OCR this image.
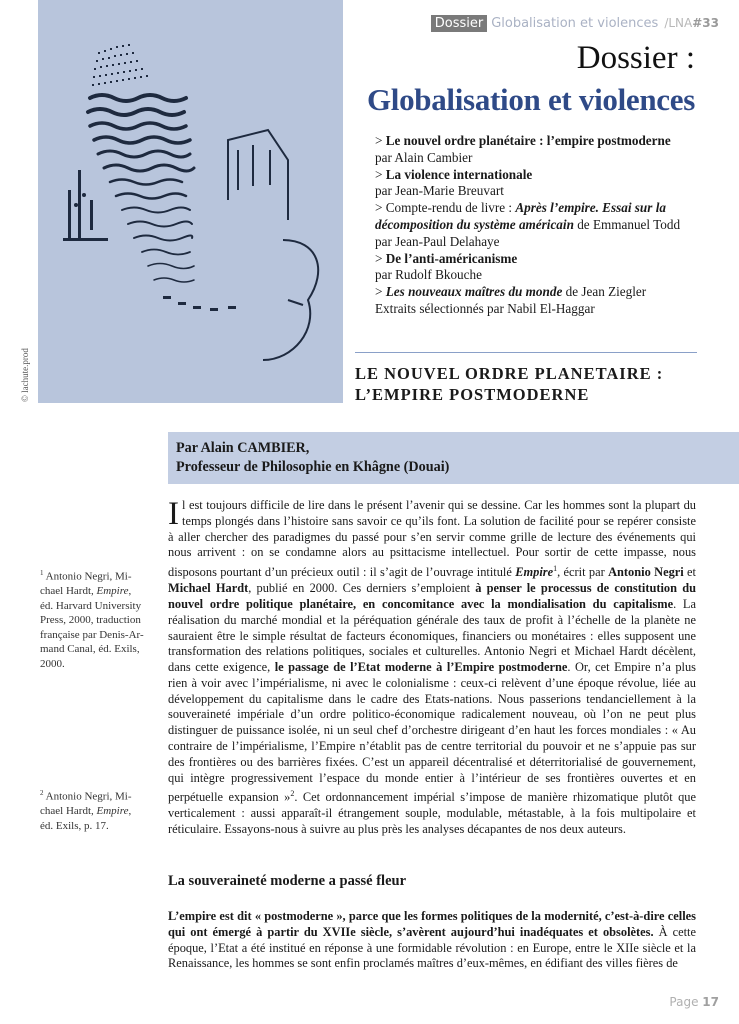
Dossier Globalisation et violences /LNA#33
© lachute.prod
Dossier :
Globalisation et violences
> Le nouvel ordre planétaire : l’empire postmoderne
par Alain Cambier
> La violence internationale
par Jean-Marie Breuvart
> Compte-rendu de livre : Après l’empire. Essai sur la
décomposition du système américain de Emmanuel Todd
par Jean-Paul Delahaye
> De l’anti-américanisme
par Rudolf Bkouche
> Les nouveaux maîtres du monde de Jean Ziegler
Extraits sélectionnés par Nabil El-Haggar
LE NOUVEL ORDRE PLANETAIRE :
L’EMPIRE POSTMODERNE
Par Alain CAMBIER,
Professeur de Philosophie en Khâgne (Douai)
$^1$ Antonio Negri, Mi-
chael Hardt, Empire,
éd. Harvard University
Press, 2000, traduction
française par Denis-Ar-
mand Canal, éd. Exils,
2000.
$^2$ Antonio Negri, Mi-
chael Hardt, Empire,
éd. Exils, p. 17.

Il est toujours difficile de lire dans le présent l’avenir qui se dessine. Car les hommes sont la plupart du temps plongés dans l’histoire sans savoir ce qu’ils font. La solution de facilité pour se repérer consiste à aller chercher des paradigmes du passé pour s’en servir comme grille de lecture des événements qui nous arrivent : on se condamne alors au psittacisme intellectuel. Pour sortir de cette impasse, nous disposons pourtant d’un précieux outil : il s’agit de l’ouvrage intitulé Empire$^1$, écrit par Antonio Negri et Michael Hardt, publié en 2000. Ces derniers s’emploient à penser le processus de constitution du nouvel ordre politique planétaire, en concomitance avec la mondialisation du capitalisme. La réalisation du marché mondial et la péréquation générale des taux de profit à l’échelle de la planète ne sauraient être le simple résultat de facteurs économiques, financiers ou monétaires : elles supposent une transformation des relations politiques, sociales et culturelles. Antonio Negri et Michael Hardt décèlent, dans cette exigence, le passage de l’Etat moderne à l’Empire postmoderne. Or, cet Empire n’a plus rien à voir avec l’impérialisme, ni avec le colonialisme : ceux-ci relèvent d’une époque révolue, liée au développement du capitalisme dans le cadre des Etats-nations. Nous passerions tendanciellement à la souveraineté impériale d’un ordre politico-économique radicalement nouveau, où l’on ne peut plus distinguer de puissance isolée, ni un seul chef d’orchestre dirigeant d’en haut les forces mondiales : « Au contraire de l’impérialisme, l’Empire n’établit pas de centre territorial du pouvoir et ne s’appuie pas sur des frontières ou des barrières fixées. C’est un appareil décentralisé et déterritorialisé de gouvernement, qui intègre progressivement l’espace du monde entier à l’intérieur de ses frontières ouvertes et en perpétuelle expansion »$^2$. Cet ordonnancement impérial s’impose de manière rhizomatique plutôt que verticalement : aussi apparaît-il étrangement souple, modulable, métastable, à la fois multipolaire et réticulaire. Essayons-nous à suivre au plus près les analyses décapantes de nos deux auteurs.

La souveraineté moderne a passé fleur

L’empire est dit « postmoderne », parce que les formes politiques de la modernité, c’est-à-dire celles qui ont émergé à partir du XVIIe siècle, s’avèrent aujourd’hui inadéquates et obsolètes. À cette époque, l’Etat a été institué en réponse à une formidable révolution : en Europe, entre le XIIe siècle et la Renaissance, les hommes se sont enfin proclamés maîtres d’eux-mêmes, en édifiant des villes fières de

Page 17
